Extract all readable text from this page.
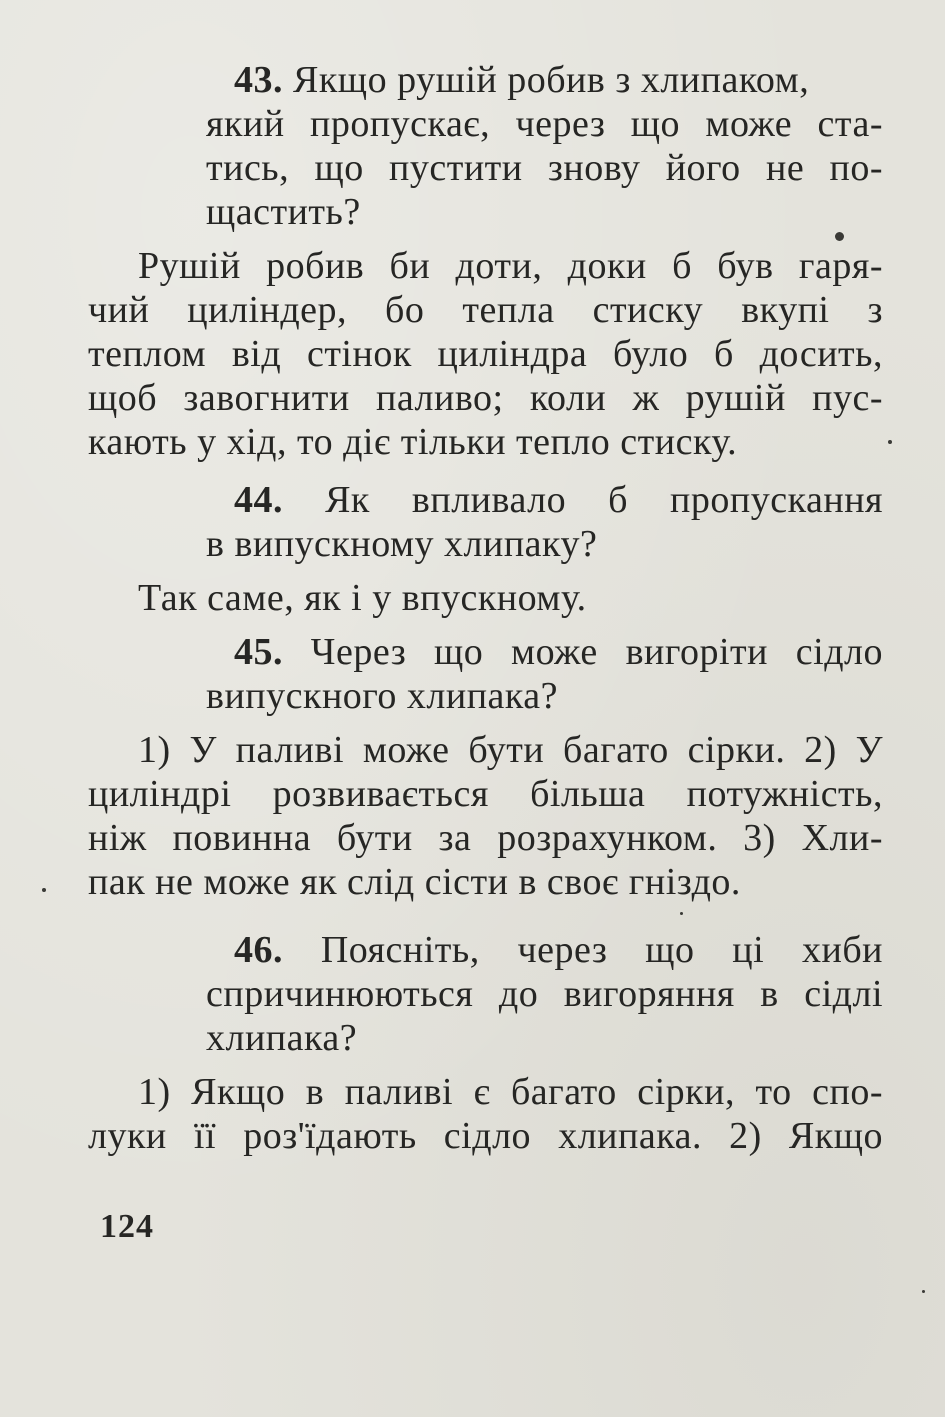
43. Якщо рушій робив з хлипаком,
який пропускає, через що може ста-
тись, що пустити знову його не по-
щастить?
Рушій робив би доти, доки б був гаря-
чий циліндер, бо тепла стиску вкупі з
теплом від стінок циліндра було б досить,
щоб завогнити паливо; коли ж рушій пус-
кають у хід, то діє тільки тепло стиску.
44. Як впливало б пропускання
в випускному хлипаку?
Так саме, як і у впускному.
45. Через що може вигоріти сідло
випускного хлипака?
1) У паливі може бути багато сірки. 2) У
циліндрі розвивається більша потужність,
ніж повинна бути за розрахунком. 3) Хли-
пак не може як слід сісти в своє гніздо.
46. Поясніть, через що ці хиби
спричинюються до вигоряння в сідлі
хлипака?
1) Якщо в паливі є багато сірки, то спо-
луки її роз'їдають сідло хлипака. 2) Якщо
124
